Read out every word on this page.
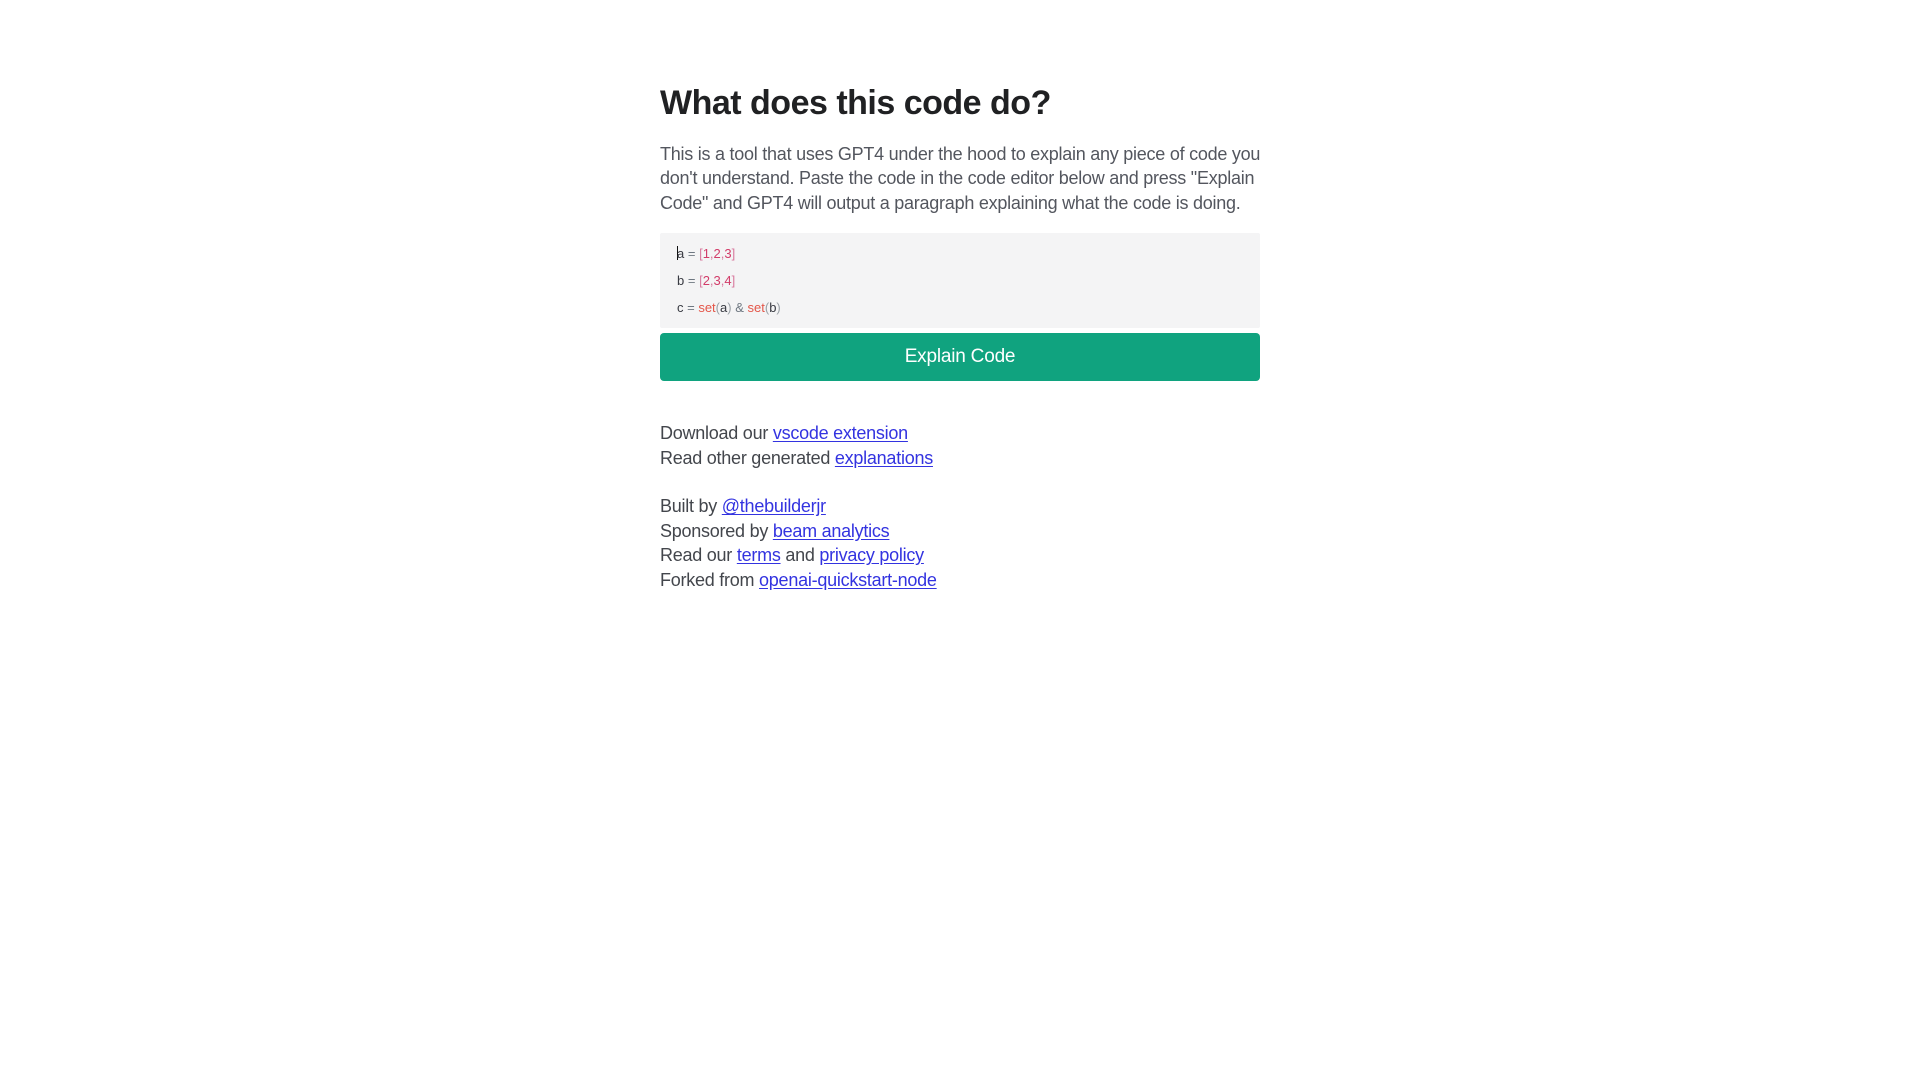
What does this code do?
This is a tool that uses GPT4 under the hood to explain any piece of code you
don't understand. Paste the code in the code editor below and press "Explain
Code" and GPT4 will output a paragraph explaining what the code is doing.
a = [1,2,3]
b = [2,3,4]
c = set(a) & set(b)
Explain Code
Download our vscode extension
Read other generated explanations
Built by @thebuilderjr
Sponsored by beam analytics
Read our terms and privacy policy
Forked from openai-quickstart-node
